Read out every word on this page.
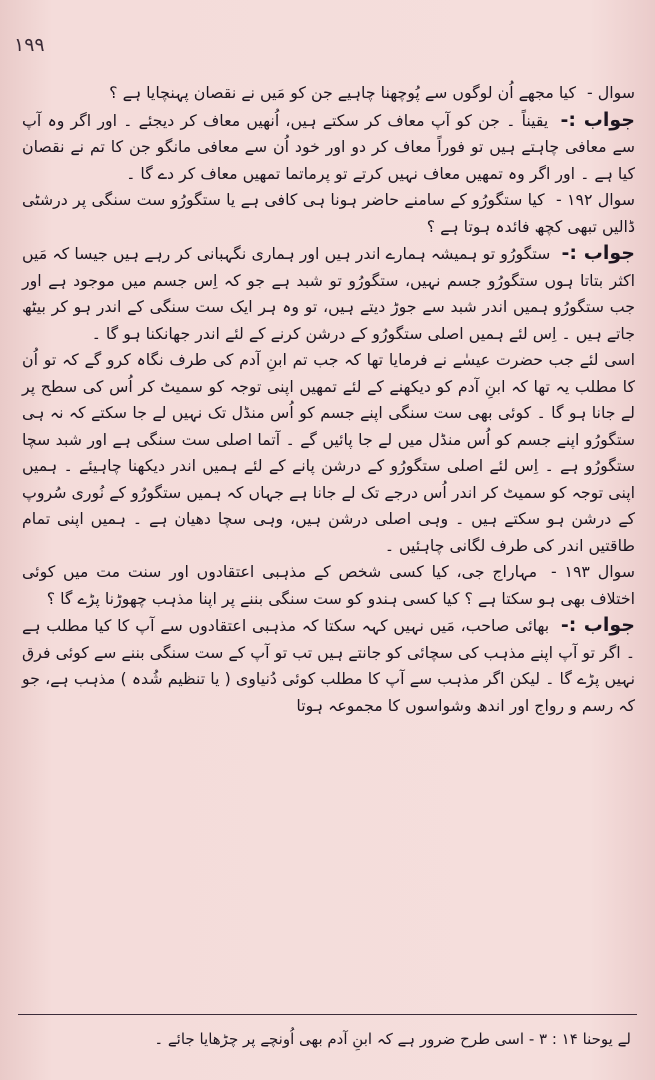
۱۹۹

سوال - کیا مجھے اُن لوگوں سے پُوچھنا چاہیے جن کو مَیں نے نقصان پہنچایا ہے ؟

جواب :- یقیناً ۔ جن کو آپ معاف کر سکتے ہیں، اُنھیں معاف کر دیجئے ۔ اور اگر وہ آپ سے معافی چاہتے ہیں تو فوراً معاف کر دو اور خود اُن سے معافی مانگو جن کا تم نے نقصان کیا ہے ۔ اور اگر وہ تمھیں معاف نہیں کرتے تو پرماتما تمھیں معاف کر دے گا ۔

سوال ۱۹۲ - کیا ستگورُو کے سامنے حاضر ہونا ہی کافی ہے یا ستگورُو ست سنگی پر درشٹی ڈالیں تبھی کچھ فائدہ ہوتا ہے ؟

جواب :- ستگورُو تو ہمیشہ ہمارے اندر ہیں اور ہماری نگہبانی کر رہے ہیں جیسا کہ مَیں اکثر بتاتا ہوں ستگورُو جسم نہیں، ستگورُو تو شبد ہے جو کہ اِس جسم میں موجود ہے اور جب ستگورُو ہمیں اندر شبد سے جوڑ دیتے ہیں، تو وہ ہر ایک ست سنگی کے اندر ہو کر بیٹھ جاتے ہیں ۔ اِس لئے ہمیں اصلی ستگورُو کے درشن کرنے کے لئے اندر جھانکنا ہو گا ۔

اسی لئے جب حضرت عیسٰے نے فرمایا تھا کہ جب تم ابنِ آدم کی طرف نگاہ کرو گے کہ تو اُن کا مطلب یہ تھا کہ ابنِ آدم کو دیکھنے کے لئے تمھیں اپنی توجہ کو سمیٹ کر اُس کی سطح پر لے جانا ہو گا ۔ کوئی بھی ست سنگی اپنے جسم کو اُس منڈل تک نہیں لے جا سکتے کہ نہ ہی ستگورُو اپنے جسم کو اُس منڈل میں لے جا پائیں گے ۔ آتما اصلی ست سنگی ہے اور شبد سچا ستگورُو ہے ۔ اِس لئے اصلی ستگورُو کے درشن پانے کے لئے ہمیں اندر دیکھنا چاہیئے ۔ ہمیں اپنی توجہ کو سمیٹ کر اندر اُس درجے تک لے جانا ہے جہاں کہ ہمیں ستگورُو کے نُوری سُروپ کے درشن ہو سکتے ہیں ۔ وہی اصلی درشن ہیں، وہی سچا دھیان ہے ۔ ہمیں اپنی تمام طاقتیں اندر کی طرف لگانی چاہئیں ۔

سوال ۱۹۳ - مہاراج جی، کیا کسی شخص کے مذہبی اعتقادوں اور سنت مت میں کوئی اختلاف بھی ہو سکتا ہے ؟ کیا کسی ہندو کو ست سنگی بننے پر اپنا مذہب چھوڑنا پڑے گا ؟

جواب :- بھائی صاحب، مَیں نہیں کہہ سکتا کہ مذہبی اعتقادوں سے آپ کا کیا مطلب ہے ۔ اگر تو آپ اپنے مذہب کی سچائی کو جانتے ہیں تب تو آپ کے ست سنگی بننے سے کوئی فرق نہیں پڑے گا ۔ لیکن اگر مذہب سے آپ کا مطلب کوئی دُنیاوی ( یا تنظیم شُدہ ) مذہب ہے، جو کہ رسم و رواج اور اندھ وشواسوں کا مجموعہ ہوتا

لے یوحنا ۱۴ : ۳ - اسی طرح ضرور ہے کہ ابنِ آدم بھی اُونچے پر چڑھایا جائے ۔
